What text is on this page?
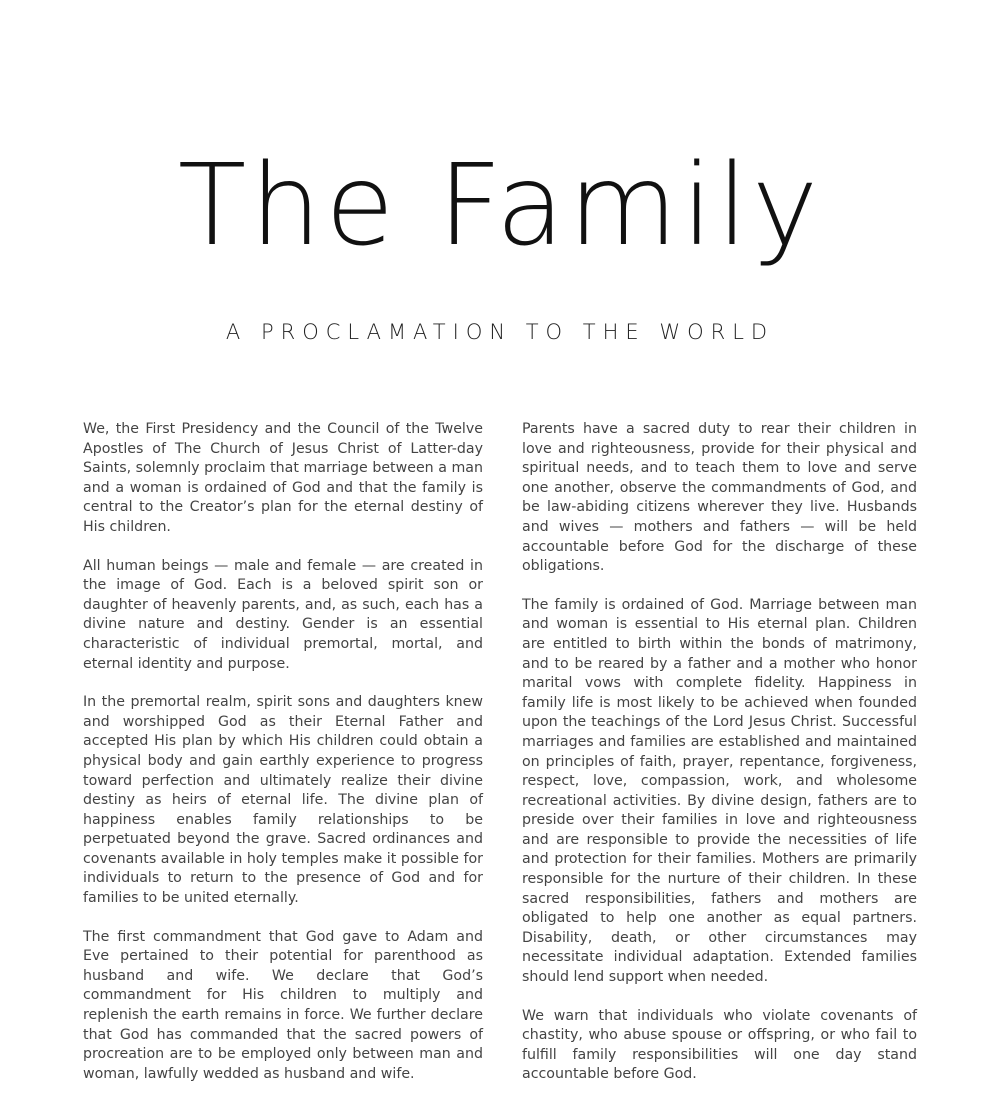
The Family
A PROCLAMATION TO THE WORLD

We, the First Presidency and the Council of the Twelve Apostles of The Church of Jesus Christ of Latter-day Saints, solemnly proclaim that marriage between a man and a woman is ordained of God and that the family is central to the Creator’s plan for the eternal destiny of His children.

All human beings — male and female — are created in the image of God. Each is a beloved spirit son or daughter of heavenly parents, and, as such, each has a divine nature and destiny. Gender is an essential characteristic of individual premortal, mortal, and eternal identity and purpose.

In the premortal realm, spirit sons and daughters knew and worshipped God as their Eternal Father and accepted His plan by which His children could obtain a physical body and gain earthly experience to progress toward perfection and ultimately realize their divine destiny as heirs of eternal life. The divine plan of happiness enables family relationships to be perpetuated beyond the grave. Sacred ordinances and covenants available in holy temples make it possible for individuals to return to the presence of God and for families to be united eternally.

The first commandment that God gave to Adam and Eve pertained to their potential for parenthood as husband and wife. We declare that God’s commandment for His children to multiply and replenish the earth remains in force. We further declare that God has commanded that the sacred powers of procreation are to be employed only between man and woman, lawfully wedded as husband and wife.

Parents have a sacred duty to rear their children in love and righteousness, provide for their physical and spiritual needs, and to teach them to love and serve one another, observe the commandments of God, and be law-abiding citizens wherever they live. Husbands and wives — mothers and fathers — will be held accountable before God for the discharge of these obligations.

The family is ordained of God. Marriage between man and woman is essential to His eternal plan. Children are entitled to birth within the bonds of matrimony, and to be reared by a father and a mother who honor marital vows with complete fidelity. Happiness in family life is most likely to be achieved when founded upon the teachings of the Lord Jesus Christ. Successful marriages and families are established and maintained on principles of faith, prayer, repentance, forgiveness, respect, love, compassion, work, and wholesome recreational activities. By divine design, fathers are to preside over their families in love and righteousness and are responsible to provide the necessities of life and protection for their families. Mothers are primarily responsible for the nurture of their children. In these sacred responsibilities, fathers and mothers are obligated to help one another as equal partners. Disability, death, or other circumstances may necessitate individual adaptation. Extended families should lend support when needed.

We warn that individuals who violate covenants of chastity, who abuse spouse or offspring, or who fail to fulfill family responsibilities will one day stand accountable before God.
